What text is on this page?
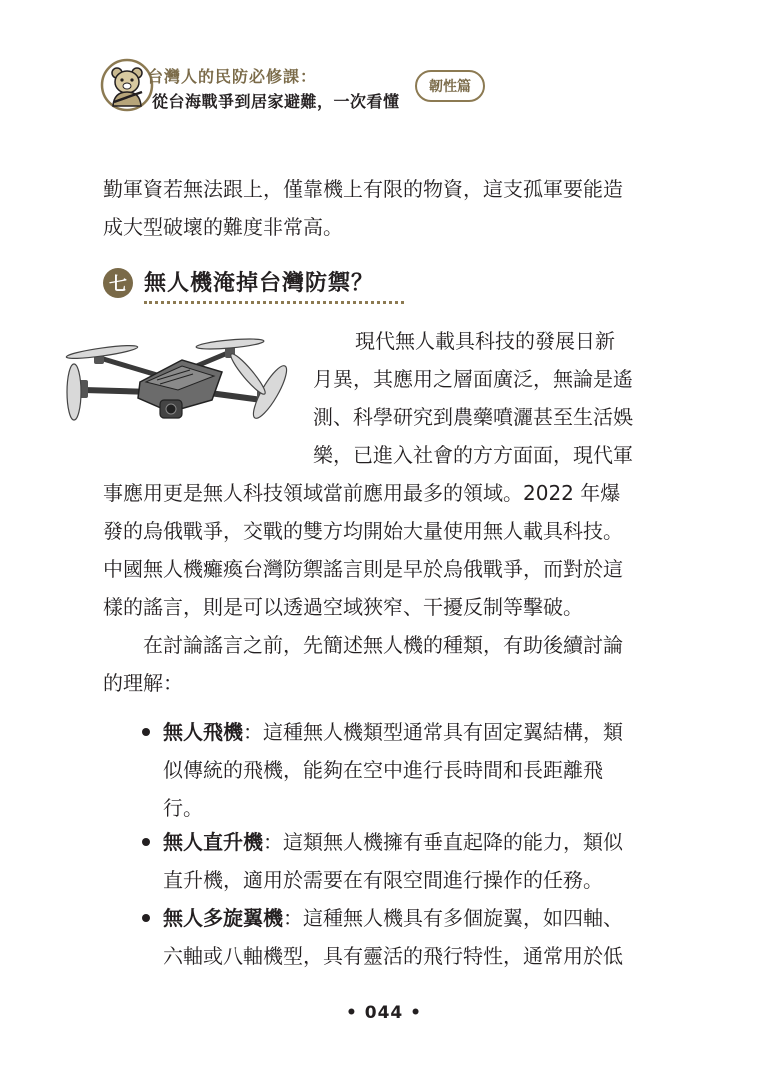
台灣人的民防必修課：
從台海戰爭到居家避難，一次看懂
韌性篇
勤軍資若無法跟上，僅靠機上有限的物資，這支孤軍要能造
成大型破壞的難度非常高。
七 無人機淹掉台灣防禦？
現代無人載具科技的發展日新
月異，其應用之層面廣泛，無論是遙
測、科學研究到農藥噴灑甚至生活娛
樂，已進入社會的方方面面，現代軍
事應用更是無人科技領域當前應用最多的領域。2022 年爆
發的烏俄戰爭，交戰的雙方均開始大量使用無人載具科技。
中國無人機癱瘓台灣防禦謠言則是早於烏俄戰爭，而對於這
樣的謠言，則是可以透過空域狹窄、干擾反制等擊破。
在討論謠言之前，先簡述無人機的種類，有助後續討論
的理解：
無人飛機：這種無人機類型通常具有固定翼結構，類
似傳統的飛機，能夠在空中進行長時間和長距離飛
行。
無人直升機：這類無人機擁有垂直起降的能力，類似
直升機，適用於需要在有限空間進行操作的任務。
無人多旋翼機：這種無人機具有多個旋翼，如四軸、
六軸或八軸機型，具有靈活的飛行特性，通常用於低
• 044 •
